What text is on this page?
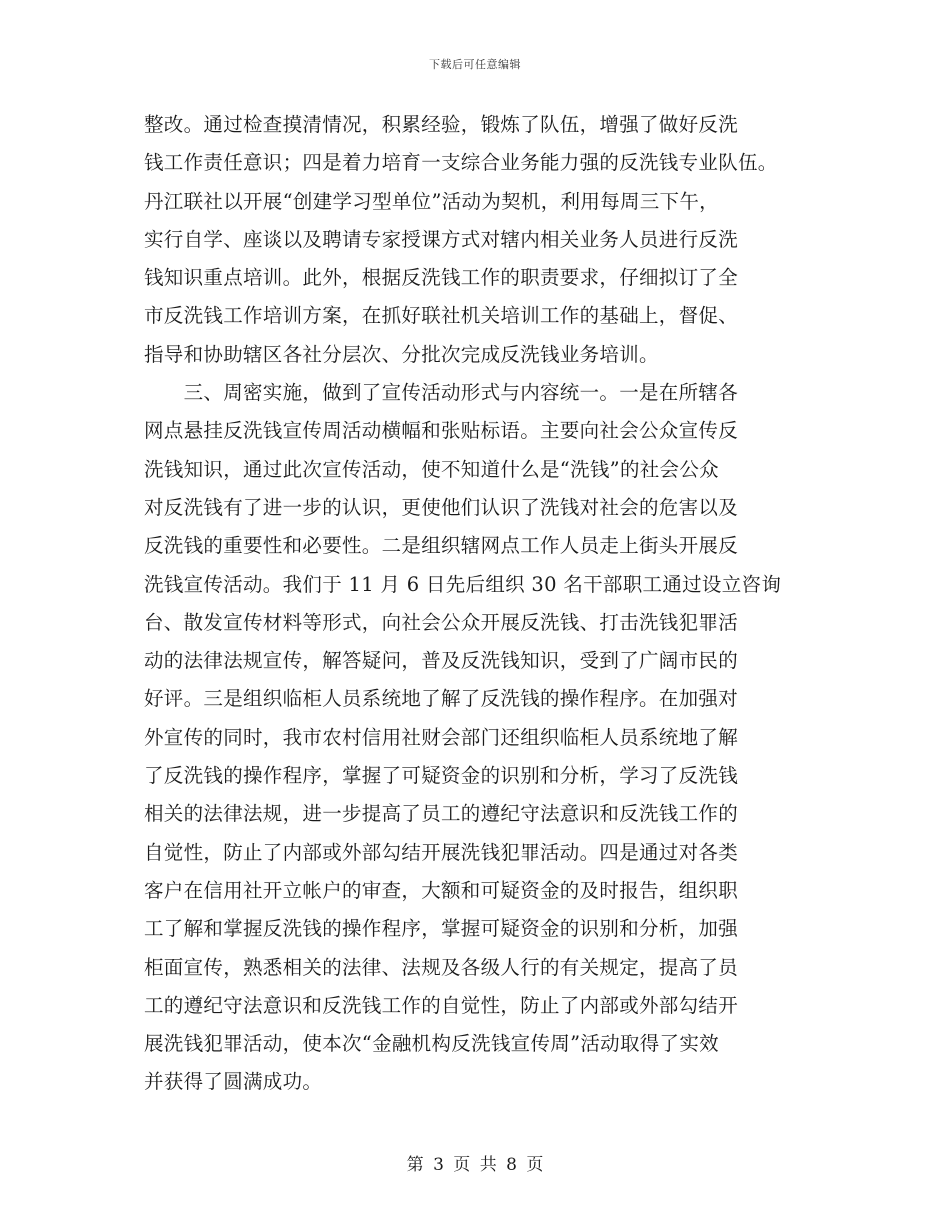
下载后可任意编辑
整改。通过检查摸清情况，积累经验，锻炼了队伍，增强了做好反洗
钱工作责任意识；四是着力培育一支综合业务能力强的反洗钱专业队伍。
丹江联社以开展“创建学习型单位”活动为契机，利用每周三下午，
实行自学、座谈以及聘请专家授课方式对辖内相关业务人员进行反洗
钱知识重点培训。此外，根据反洗钱工作的职责要求，仔细拟订了全
市反洗钱工作培训方案，在抓好联社机关培训工作的基础上，督促、
指导和协助辖区各社分层次、分批次完成反洗钱业务培训。
　　三、周密实施，做到了宣传活动形式与内容统一。一是在所辖各
网点悬挂反洗钱宣传周活动横幅和张贴标语。主要向社会公众宣传反
洗钱知识，通过此次宣传活动，使不知道什么是“洗钱”的社会公众
对反洗钱有了进一步的认识，更使他们认识了洗钱对社会的危害以及
反洗钱的重要性和必要性。二是组织辖网点工作人员走上街头开展反
洗钱宣传活动。我们于 11 月 6 日先后组织 30 名干部职工通过设立咨询
台、散发宣传材料等形式，向社会公众开展反洗钱、打击洗钱犯罪活
动的法律法规宣传，解答疑问，普及反洗钱知识，受到了广阔市民的
好评。三是组织临柜人员系统地了解了反洗钱的操作程序。在加强对
外宣传的同时，我市农村信用社财会部门还组织临柜人员系统地了解
了反洗钱的操作程序，掌握了可疑资金的识别和分析，学习了反洗钱
相关的法律法规，进一步提高了员工的遵纪守法意识和反洗钱工作的
自觉性，防止了内部或外部勾结开展洗钱犯罪活动。四是通过对各类
客户在信用社开立帐户的审查，大额和可疑资金的及时报告，组织职
工了解和掌握反洗钱的操作程序，掌握可疑资金的识别和分析，加强
柜面宣传，熟悉相关的法律、法规及各级人行的有关规定，提高了员
工的遵纪守法意识和反洗钱工作的自觉性，防止了内部或外部勾结开
展洗钱犯罪活动，使本次“金融机构反洗钱宣传周”活动取得了实效
并获得了圆满成功。
第 3 页 共 8 页
